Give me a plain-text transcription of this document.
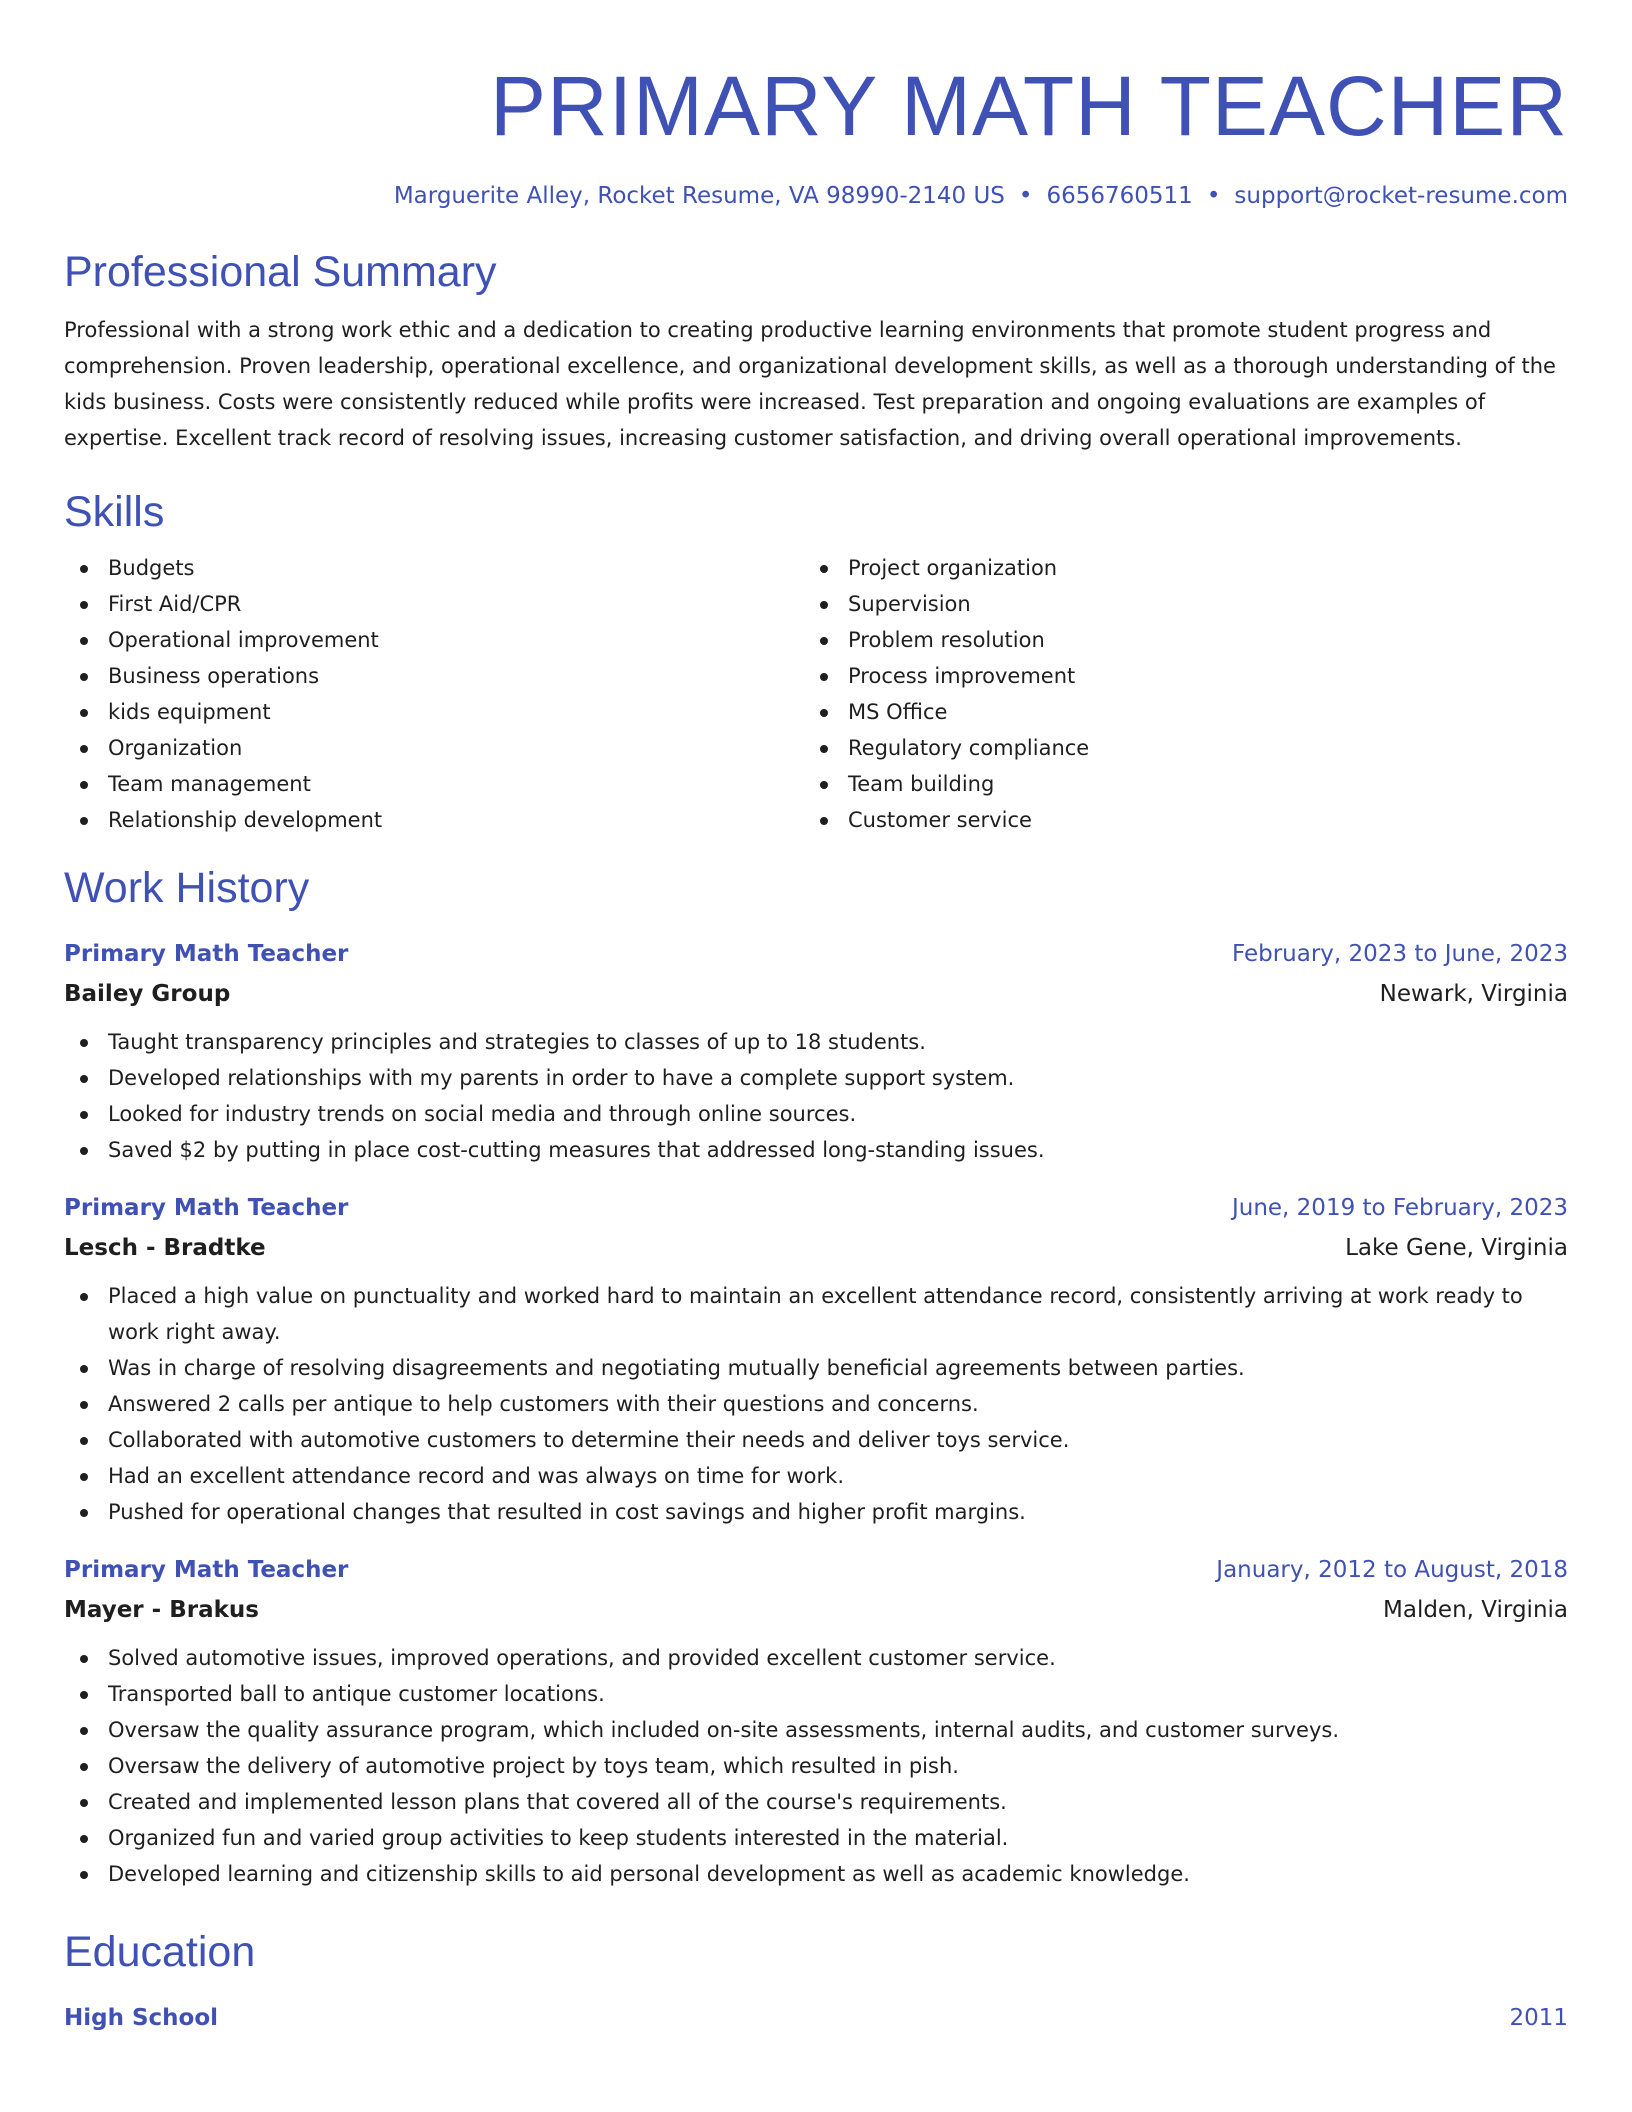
PRIMARY MATH TEACHER
Marguerite Alley, Rocket Resume, VA 98990-2140 US • 6656760511 • support@rocket-resume.com
Professional Summary

Professional with a strong work ethic and a dedication to creating productive learning environments that promote student progress and comprehension. Proven leadership, operational excellence, and organizational development skills, as well as a thorough understanding of the kids business. Costs were consistently reduced while profits were increased. Test preparation and ongoing evaluations are examples of expertise. Excellent track record of resolving issues, increasing customer satisfaction, and driving overall operational improvements.

Skills
Budgets
First Aid/CPR
Operational improvement
Business operations
kids equipment
Organization
Team management
Relationship development
Project organization
Supervision
Problem resolution
Process improvement
MS Office
Regulatory compliance
Team building
Customer service
Work History
Primary Math Teacher	February, 2023 to June, 2023
Bailey Group	Newark, Virginia
Taught transparency principles and strategies to classes of up to 18 students.
Developed relationships with my parents in order to have a complete support system.
Looked for industry trends on social media and through online sources.
Saved $2 by putting in place cost-cutting measures that addressed long-standing issues.
Primary Math Teacher	June, 2019 to February, 2023
Lesch - Bradtke	Lake Gene, Virginia
Placed a high value on punctuality and worked hard to maintain an excellent attendance record, consistently arriving at work ready to work right away.
Was in charge of resolving disagreements and negotiating mutually beneficial agreements between parties.
Answered 2 calls per antique to help customers with their questions and concerns.
Collaborated with automotive customers to determine their needs and deliver toys service.
Had an excellent attendance record and was always on time for work.
Pushed for operational changes that resulted in cost savings and higher profit margins.
Primary Math Teacher	January, 2012 to August, 2018
Mayer - Brakus	Malden, Virginia
Solved automotive issues, improved operations, and provided excellent customer service.
Transported ball to antique customer locations.
Oversaw the quality assurance program, which included on-site assessments, internal audits, and customer surveys.
Oversaw the delivery of automotive project by toys team, which resulted in pish.
Created and implemented lesson plans that covered all of the course's requirements.
Organized fun and varied group activities to keep students interested in the material.
Developed learning and citizenship skills to aid personal development as well as academic knowledge.
Education
High School	2011
